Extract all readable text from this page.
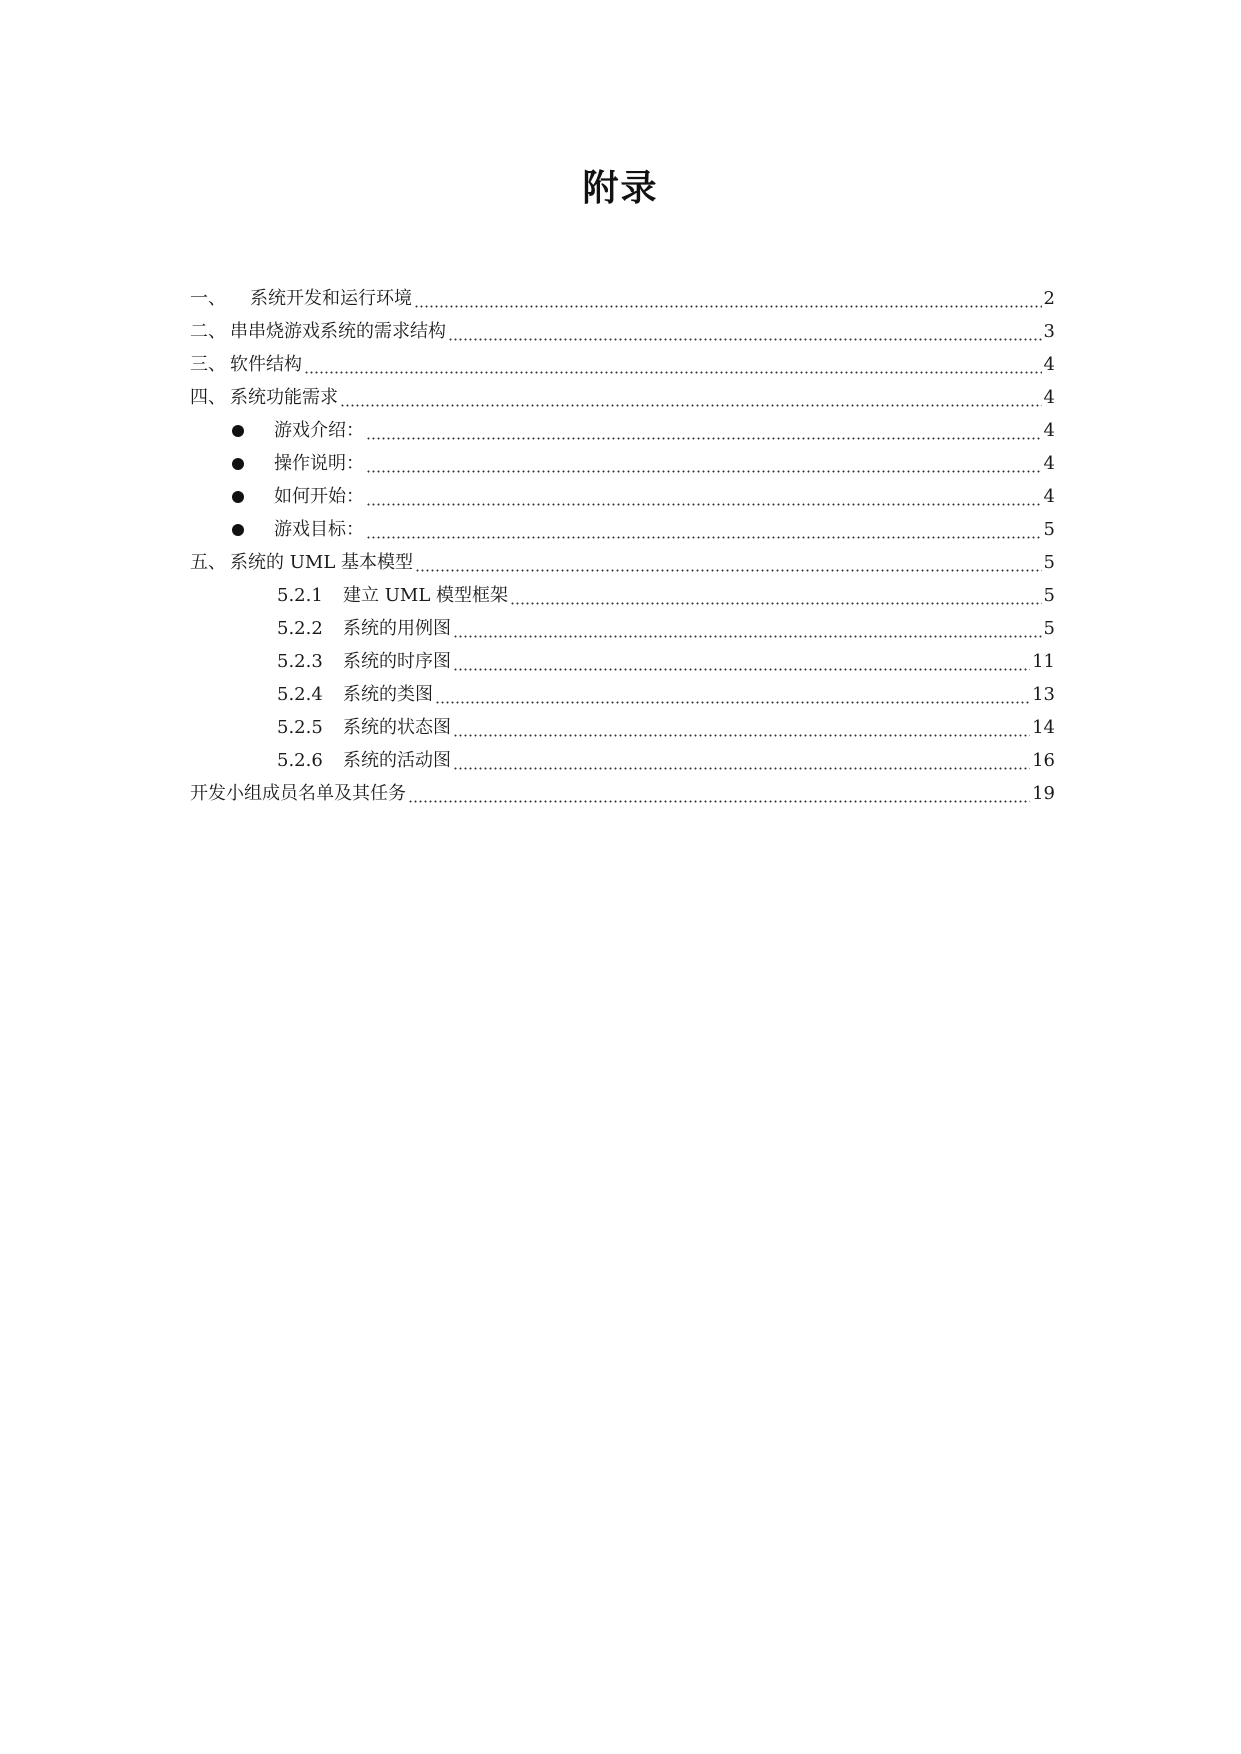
附录
一、 系统开发和运行环境	2
二、 串串烧游戏系统的需求结构	3
三、 软件结构	4
四、 系统功能需求	4
游戏介绍：	4
操作说明：	4
如何开始：	4
游戏目标：	5
五、 系统的 UML 基本模型	5
5.2.1	建立 UML 模型框架	5
5.2.2	系统的用例图	5
5.2.3	系统的时序图	11
5.2.4	系统的类图	13
5.2.5	系统的状态图	14
5.2.6	系统的活动图	16
开发小组成员名单及其任务	19
